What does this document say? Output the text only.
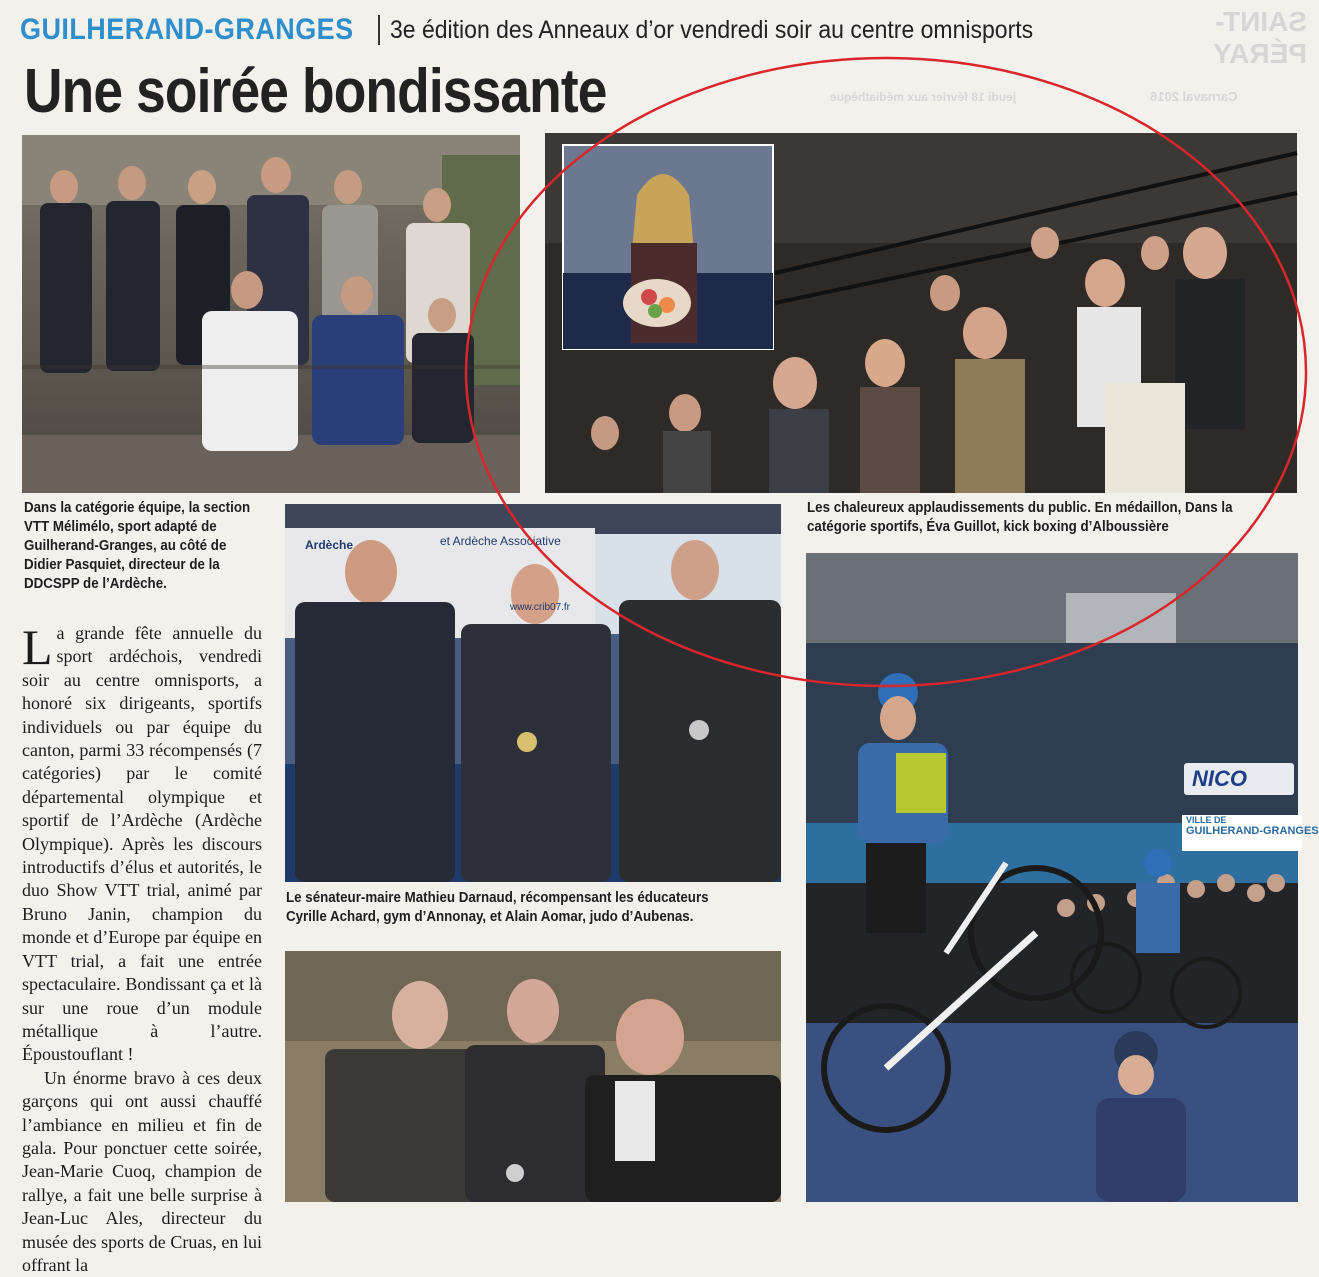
SAINT-PÉRAY
Carnaval 2016
jeudi 18 février aux médiathèque
GUILHERAND-GRANGES 3e édition des Anneaux d’or vendredi soir au centre omnisports
Une soirée bondissante
Dans la catégorie équipe, la section VTT Mélimélo, sport adapté de Guilherand-Granges, au côté de Didier Pasquiet, directeur de la DDCSPP de l’Ardèche.
Les chaleureux applaudissements du public. En médaillon, Dans la catégorie sportifs, Éva Guillot, kick boxing d’Alboussière
Ardèche	et Ardèche Associative
www.crib07.fr
Le sénateur-maire Mathieu Darnaud, récompensant les éducateurs Cyrille Achard, gym d’Annonay, et Alain Aomar, judo d’Aubenas.
NICO
VILLE DE
GUILHERAND-GRANGES

La grande fête annuelle du sport ardéchois, vendredi soir au centre omnisports, a honoré six dirigeants, sportifs individuels ou par équipe du canton, parmi 33 récompensés (7 catégories) par le comité départemental olympique et sportif de l’Ardèche (Ardèche Olympique). Après les discours introductifs d’élus et autorités, le duo Show VTT trial, animé par Bruno Janin, champion du monde et d’Europe par équipe en VTT trial, a fait une entrée spectaculaire. Bondissant ça et là sur une roue d’un module métallique à l’autre. Époustouflant !

Un énorme bravo à ces deux garçons qui ont aussi chauffé l’ambiance en milieu et fin de gala. Pour ponctuer cette soirée, Jean-Marie Cuoq, champion de rallye, a fait une belle surprise à Jean-Luc Ales, directeur du musée des sports de Cruas, en lui offrant la
